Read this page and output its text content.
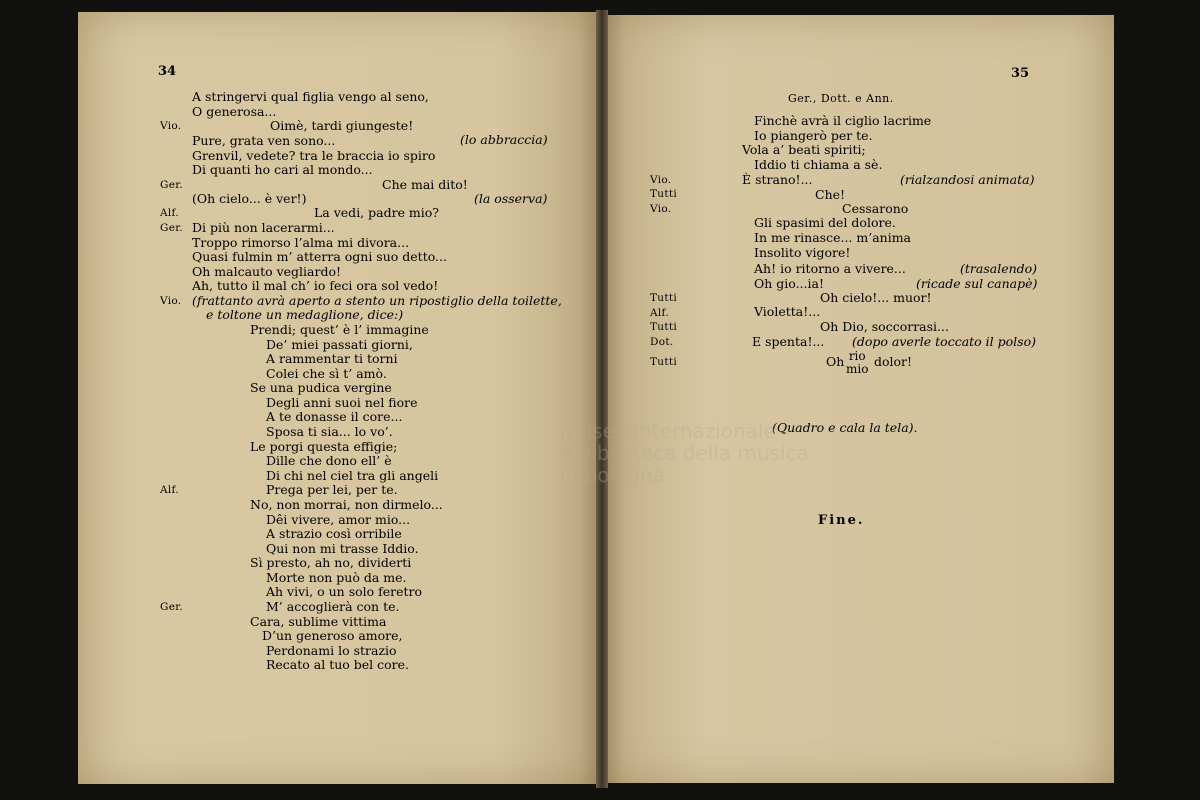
34
A stringervi qual figlia vengo al seno,
O generosa...
Oimè, tardi giungeste!
Pure, grata ven sono...
Grenvil, vedete? tra le braccia io spiro
Di quanti ho cari al mondo...
Che mai dito!
(Oh cielo... è ver!)
La vedi, padre mio?
Di più non lacerarmi...
Troppo rimorso l’alma mi divora...
Quasi fulmin m’ atterra ogni suo detto...
Oh malcauto vegliardo!
Ah, tutto il mal ch’ io feci ora sol vedo!
(frattanto avrà aperto a stento un ripostiglio della toilette,
e toltone un medaglione, dice:)
Prendi; quest’ è l’ immagine
De’ miei passati giorni,
A rammentar ti torni
Colei che sì t’ amò.
Se una pudica vergine
Degli anni suoi nel fiore
A te donasse il core...
Sposa ti sia... lo vo’.
Le porgi questa effigie;
Dille che dono ell’ è
Di chi nel ciel tra gli angeli
Prega per lei, per te.
No, non morrai, non dirmelo...
Dêi vivere, amor mio...
A strazio così orribile
Qui non mi trasse Iddio.
Sì presto, ah no, dividerti
Morte non può da me.
Ah vivi, o un solo feretro
M’ accoglierà con te.
Cara, sublime vittima
D’un generoso amore,
Perdonami lo strazio
Recato al tuo bel core.
Vio.
Ger.
Alf.
Ger.
Vio.
Alf.
Ger.
(lo abbraccia)
(la osserva)
35
Ger., Dott. e Ann.
Finchè avrà il ciglio lacrime
Io piangerò per te.
Vola a’ beati spiriti;
Iddio ti chiama a sè.
È strano!...
Che!
Cessarono
Gli spasimi del dolore.
In me rinasce... m’anima
Insolito vigore!
Ah! io ritorno a vivere...
Oh gio...ia!
Oh cielo!... muor!
Violetta!...
Oh Dio, soccorrasi...
E spenta!...
Vio.
Tutti
Vio.
Tutti
Alf.
Tutti
Dot.
Tutti
(rialzandosi animata)
(trasalendo)
(ricade sul canapè)
(dopo averle toccato il polso)
Oh rio
mio dolor!
(Quadro e cala la tela).
Fine.
museo internazionale
e biblioteca della musica
di bologna
